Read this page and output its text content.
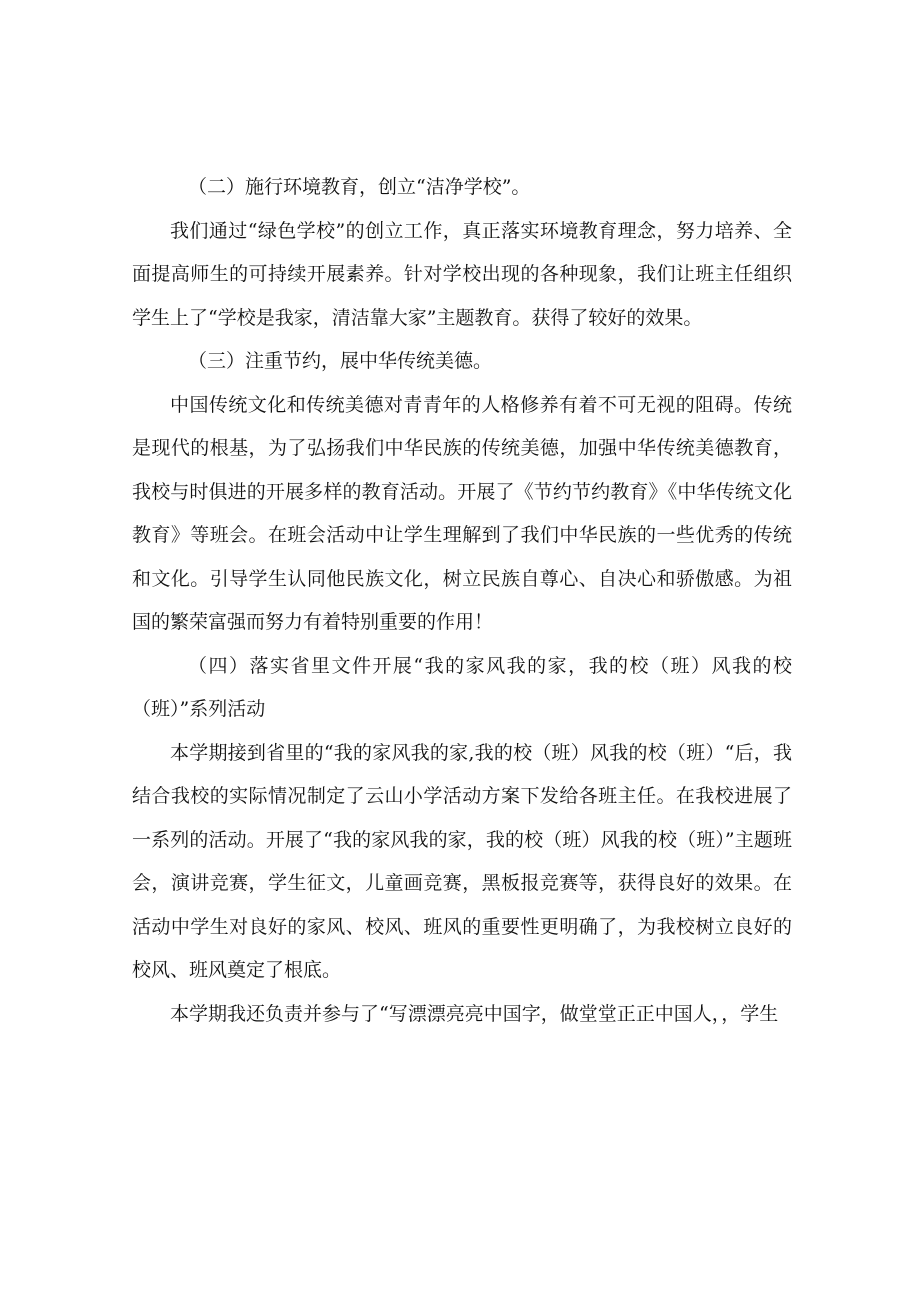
（二）施行环境教育，创立“洁净学校”。

我们通过“绿色学校”的创立工作，真正落实环境教育理念，努力培养、全面提高师生的可持续开展素养。针对学校出现的各种现象，我们让班主任组织学生上了“学校是我家，清洁靠大家”主题教育。获得了较好的效果。

（三）注重节约，展中华传统美德。

中国传统文化和传统美德对青青年的人格修养有着不可无视的阻碍。传统是现代的根基，为了弘扬我们中华民族的传统美德，加强中华传统美德教育，我校与时俱进的开展多样的教育活动。开展了《节约节约教育》《中华传统文化教育》等班会。在班会活动中让学生理解到了我们中华民族的一些优秀的传统和文化。引导学生认同他民族文化，树立民族自尊心、自决心和骄傲感。为祖国的繁荣富强而努力有着特别重要的作用！

（四）落实省里文件开展“我的家风我的家，我的校（班）风我的校（班）”系列活动

本学期接到省里的“我的家风我的家,我的校（班）风我的校（班）“后，我结合我校的实际情况制定了云山小学活动方案下发给各班主任。在我校进展了一系列的活动。开展了“我的家风我的家，我的校（班）风我的校（班）”主题班会，演讲竞赛，学生征文，儿童画竞赛，黑板报竞赛等，获得良好的效果。在活动中学生对良好的家风、校风、班风的重要性更明确了，为我校树立良好的校风、班风奠定了根底。

本学期我还负责并参与了“写漂漂亮亮中国字，做堂堂正正中国人，，学生
